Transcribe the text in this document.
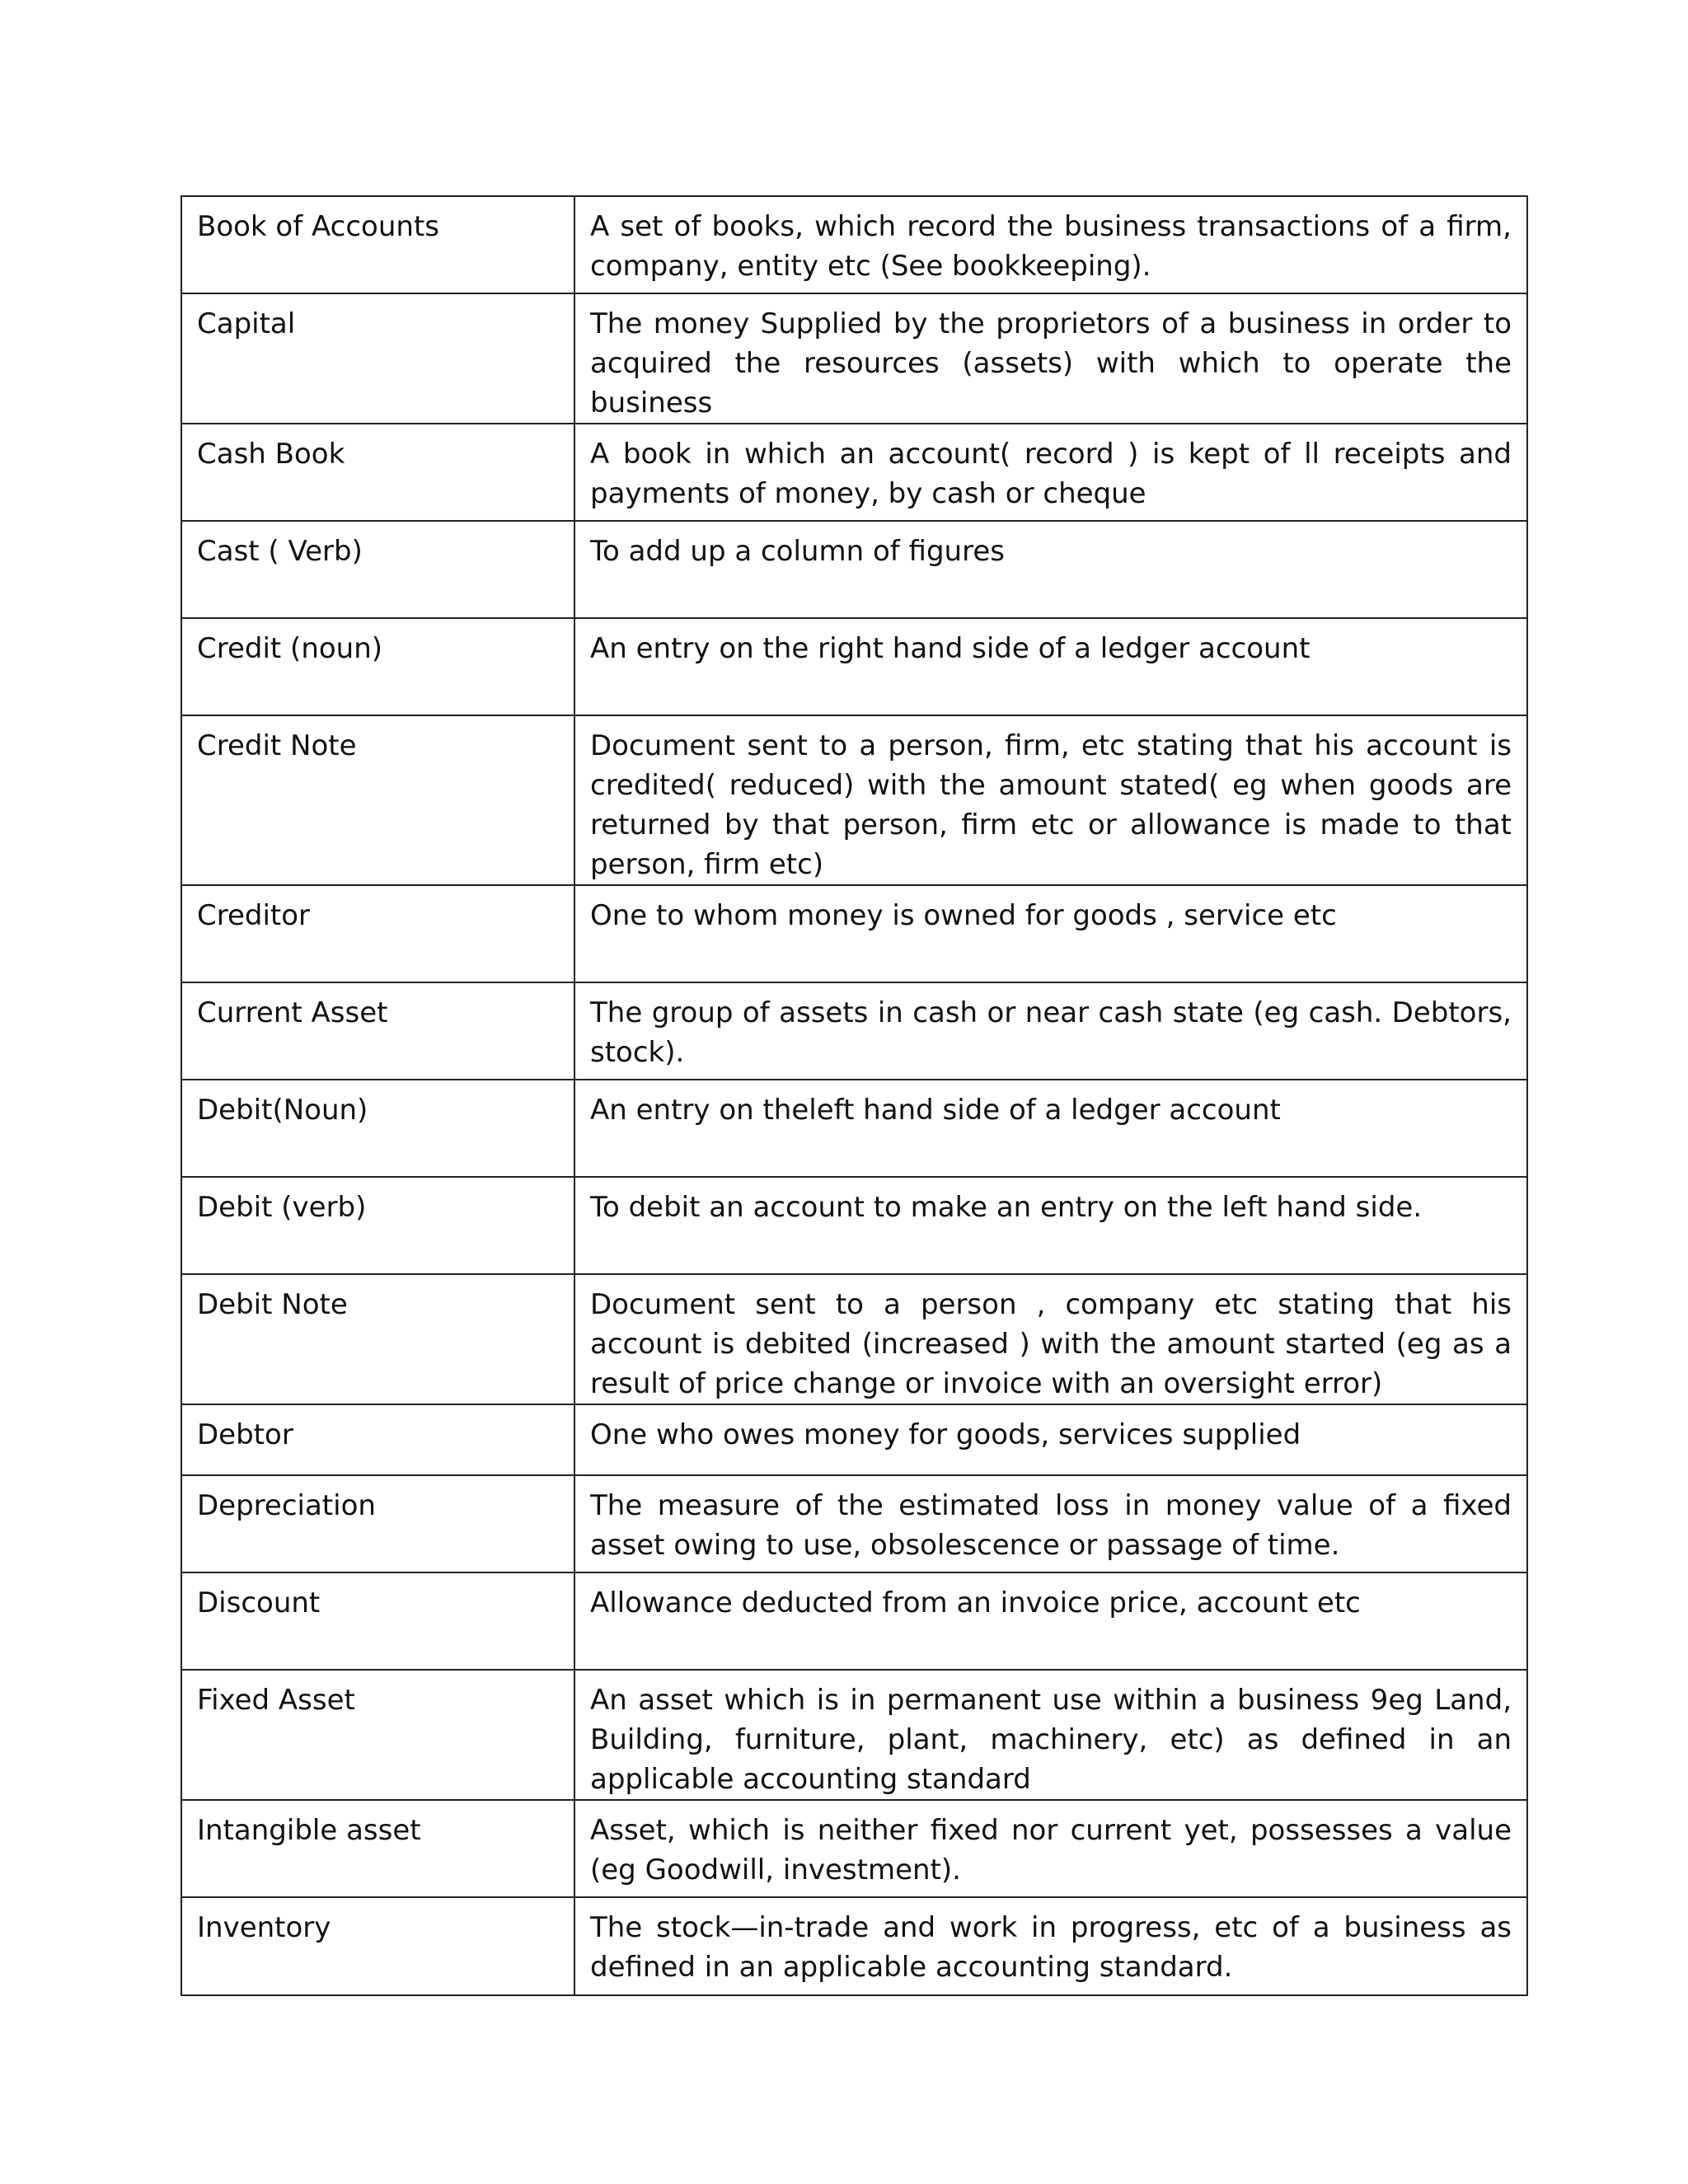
Book of Accounts	A set of books, which record the business transactions of a firm, company, entity etc (See bookkeeping).
Capital	The money Supplied by the proprietors of a business in order to acquired the resources (assets) with which to operate the business
Cash Book	A book in which an account( record ) is kept of ll receipts and payments of money, by cash or cheque
Cast ( Verb)	To add up a column of figures
Credit (noun)	An entry on the right hand side of a ledger account
Credit Note	Document sent to a person, firm, etc stating that his account is credited( reduced) with the amount stated( eg when goods are returned by that person, firm etc or allowance is made to that person, firm etc)
Creditor	One to whom money is owned for goods , service etc
Current Asset	The group of assets in cash or near cash state (eg cash. Debtors, stock).
Debit(Noun)	An entry on theleft hand side of a ledger account
Debit (verb)	To debit an account to make an entry on the left hand side.
Debit Note	Document sent to a person , company etc stating that his account is debited (increased ) with the amount started (eg as a result of price change or invoice with an oversight error)
Debtor	One who owes money for goods, services supplied
Depreciation	The measure of the estimated loss in money value of a fixed asset owing to use, obsolescence or passage of time.
Discount	Allowance deducted from an invoice price, account etc
Fixed Asset	An asset which is in permanent use within a business 9eg Land, Building, furniture, plant, machinery, etc) as defined in an applicable accounting standard
Intangible asset	Asset, which is neither fixed nor current yet, possesses a value (eg Goodwill, investment).
Inventory	The stock—in-trade and work in progress, etc of a business as defined in an applicable accounting standard.
